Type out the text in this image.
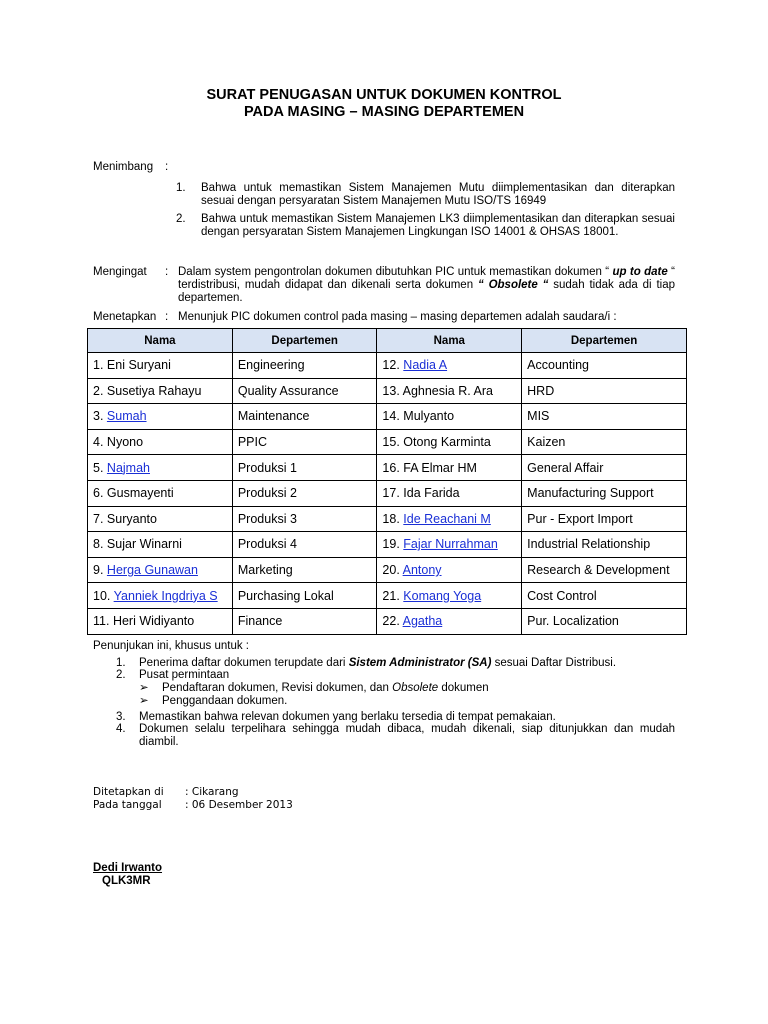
SURAT PENUGASAN UNTUK DOKUMEN KONTROL
PADA MASING – MASING DEPARTEMEN
Menimbang :
1. Bahwa untuk memastikan Sistem Manajemen Mutu diimplementasikan dan diterapkan sesuai dengan persyaratan Sistem Manajemen Mutu ISO/TS 16949
2. Bahwa untuk memastikan Sistem Manajemen LK3 diimplementasikan dan diterapkan sesuai dengan persyaratan Sistem Manajemen Lingkungan ISO 14001 & OHSAS 18001.
Mengingat : Dalam system pengontrolan dokumen dibutuhkan PIC untuk memastikan dokumen “ up to date “ terdistribusi, mudah didapat dan dikenali serta dokumen “ Obsolete “ sudah tidak ada di tiap departemen.
Menetapkan : Menunjuk PIC dokumen control pada masing – masing departemen adalah saudara/i :
Nama	Departemen	Nama	Departemen
1. Eni Suryani	Engineering	12. Nadia A	Accounting
2. Susetiya Rahayu	Quality Assurance	13. Aghnesia R. Ara	HRD
3. Sumah	Maintenance	14. Mulyanto	MIS
4. Nyono	PPIC	15. Otong Karminta	Kaizen
5. Najmah	Produksi 1	16. FA Elmar HM	General Affair
6. Gusmayenti	Produksi 2	17. Ida Farida	Manufacturing Support
7. Suryanto	Produksi 3	18. Ide Reachani M	Pur - Export Import
8. Sujar Winarni	Produksi 4	19. Fajar Nurrahman	Industrial Relationship
9. Herga Gunawan	Marketing	20. Antony	Research & Development
10. Yanniek Ingdriya S	Purchasing Lokal	21. Komang Yoga	Cost Control
11. Heri Widiyanto	Finance	22. Agatha	Pur. Localization
Penunjukan ini, khusus untuk :
1. Penerima daftar dokumen terupdate dari Sistem Administrator (SA) sesuai Daftar Distribusi.
2. Pusat permintaan
➢ Pendaftaran dokumen, Revisi dokumen, dan Obsolete dokumen
➢ Penggandaan dokumen.
3. Memastikan bahwa relevan dokumen yang berlaku tersedia di tempat pemakaian.
4. Dokumen selalu terpelihara sehingga mudah dibaca, mudah dikenali, siap ditunjukkan dan mudah
diambil.
Ditetapkan di : Cikarang
Pada tanggal : 06 Desember 2013
Dedi Irwanto
QLK3MR
